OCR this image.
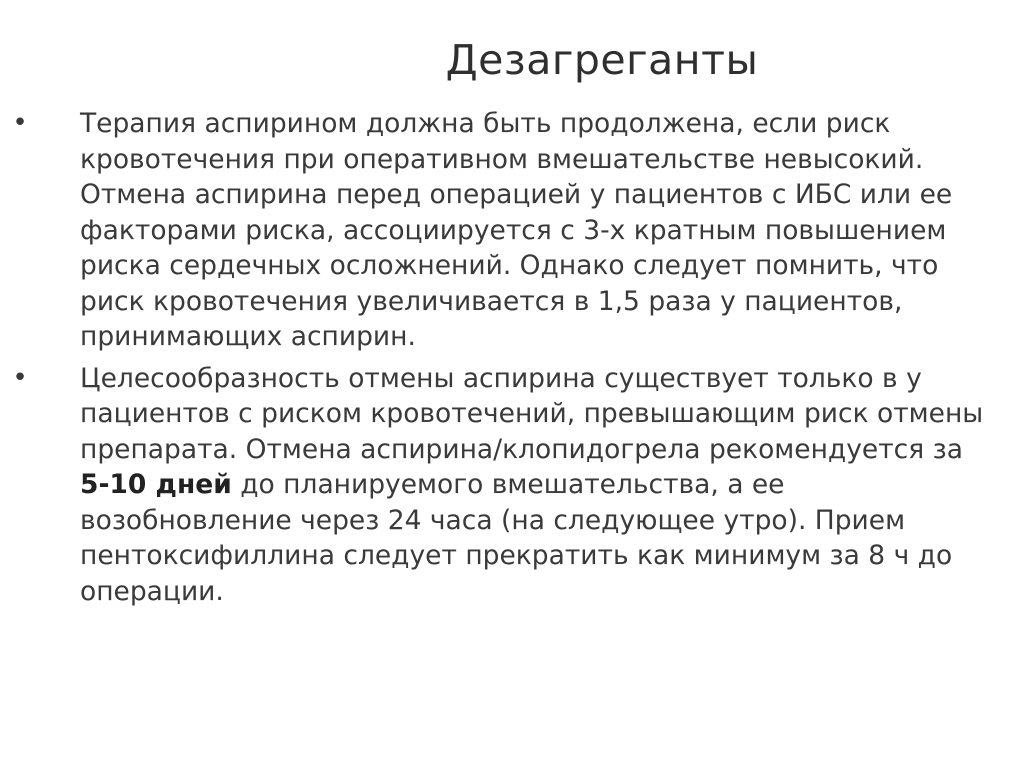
Дезагреганты
• Терапия аспирином должна быть продолжена, если риск кровотечения при оперативном вмешательстве невысокий. Отмена аспирина перед операцией у пациентов с ИБС или ее факторами риска, ассоциируется с 3-х кратным повышением риска сердечных осложнений. Однако следует помнить, что риск кровотечения увеличивается в 1,5 раза у пациентов, принимающих аспирин.
• Целесообразность отмены аспирина существует только в у пациентов с риском кровотечений, превышающим риск отмены препарата. Отмена аспирина/клопидогрела рекомендуется за 5-10 дней до планируемого вмешательства, а ее возобновление через 24 часа (на следующее утро). Прием пентоксифиллина следует прекратить как минимум за 8 ч до операции.
